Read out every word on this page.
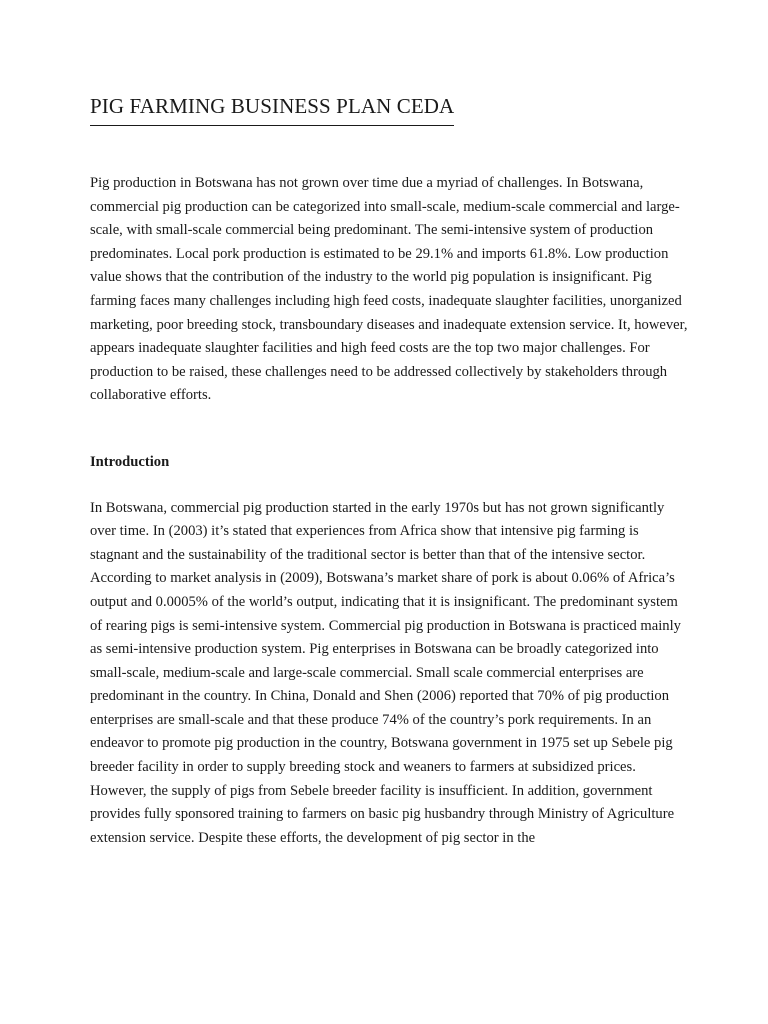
PIG FARMING BUSINESS PLAN CEDA

Pig production in Botswana has not grown over time due a myriad of challenges. In Botswana, commercial pig production can be categorized into small-scale, medium-scale commercial and large-scale, with small-scale commercial being predominant. The semi-intensive system of production predominates. Local pork production is estimated to be 29.1% and imports 61.8%. Low production value shows that the contribution of the industry to the world pig population is insignificant. Pig farming faces many challenges including high feed costs, inadequate slaughter facilities, unorganized marketing, poor breeding stock, transboundary diseases and inadequate extension service. It, however, appears inadequate slaughter facilities and high feed costs are the top two major challenges. For production to be raised, these challenges need to be addressed collectively by stakeholders through collaborative efforts.

Introduction

In Botswana, commercial pig production started in the early 1970s but has not grown significantly over time. In (2003) it’s stated that experiences from Africa show that intensive pig farming is stagnant and the sustainability of the traditional sector is better than that of the intensive sector. According to market analysis in (2009), Botswana’s market share of pork is about 0.06% of Africa’s output and 0.0005% of the world’s output, indicating that it is insignificant. The predominant system of rearing pigs is semi-intensive system. Commercial pig production in Botswana is practiced mainly as semi-intensive production system. Pig enterprises in Botswana can be broadly categorized into small-scale, medium-scale and large-scale commercial. Small scale commercial enterprises are predominant in the country. In China, Donald and Shen (2006) reported that 70% of pig production enterprises are small-scale and that these produce 74% of the country’s pork requirements. In an endeavor to promote pig production in the country, Botswana government in 1975 set up Sebele pig breeder facility in order to supply breeding stock and weaners to farmers at subsidized prices. However, the supply of pigs from Sebele breeder facility is insufficient. In addition, government provides fully sponsored training to farmers on basic pig husbandry through Ministry of Agriculture extension service. Despite these efforts, the development of pig sector in the
